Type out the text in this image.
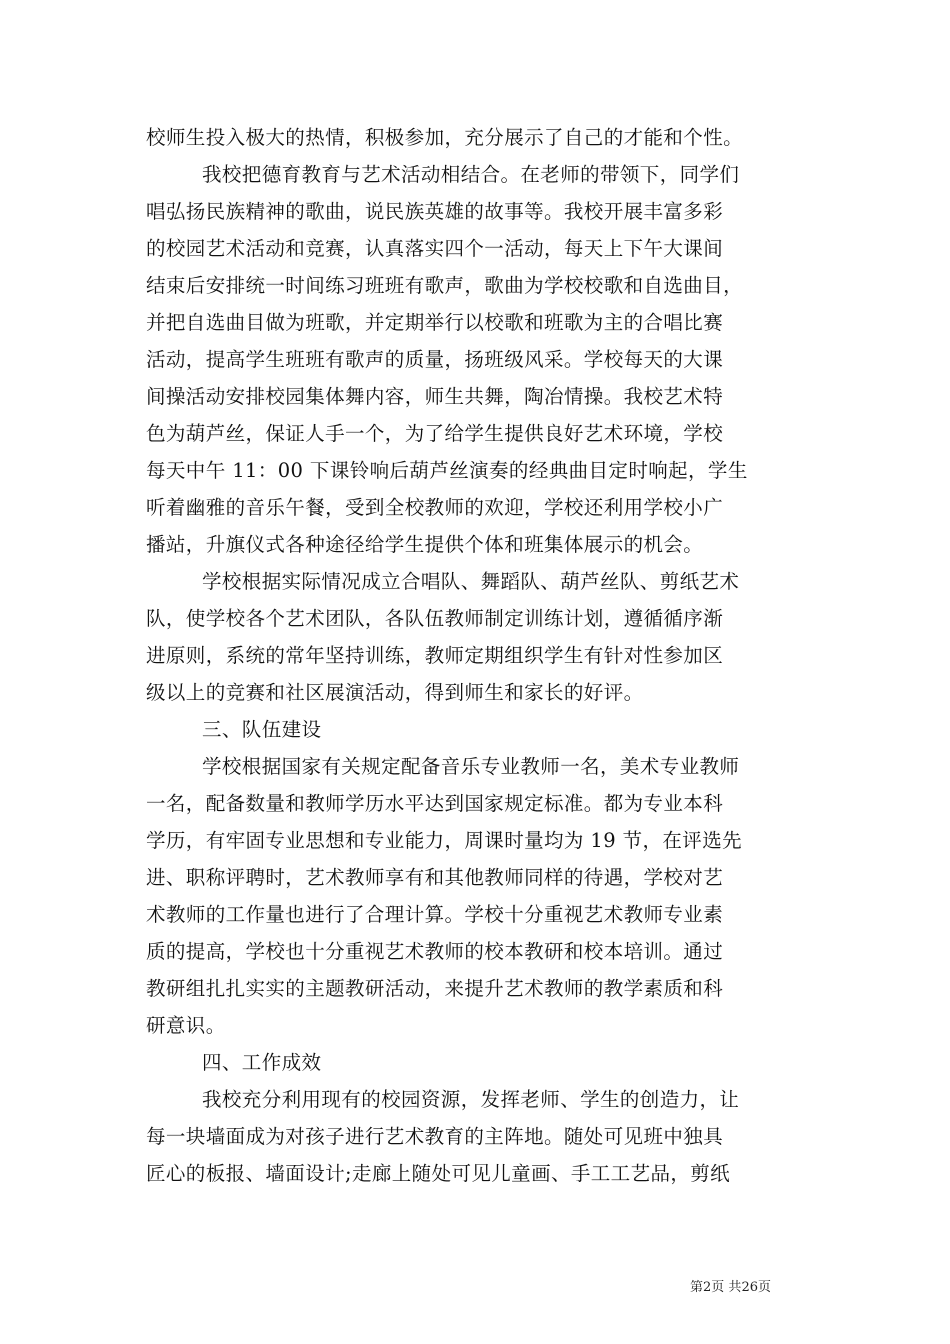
校师生投入极大的热情，积极参加，充分展示了自己的才能和个性。
我校把德育教育与艺术活动相结合。在老师的带领下，同学们
唱弘扬民族精神的歌曲，说民族英雄的故事等。我校开展丰富多彩
的校园艺术活动和竞赛，认真落实四个一活动，每天上下午大课间
结束后安排统一时间练习班班有歌声，歌曲为学校校歌和自选曲目，
并把自选曲目做为班歌，并定期举行以校歌和班歌为主的合唱比赛
活动，提高学生班班有歌声的质量，扬班级风采。学校每天的大课
间操活动安排校园集体舞内容，师生共舞，陶冶情操。我校艺术特
色为葫芦丝，保证人手一个，为了给学生提供良好艺术环境，学校
每天中午 11：00 下课铃响后葫芦丝演奏的经典曲目定时响起，学生
听着幽雅的音乐午餐，受到全校教师的欢迎，学校还利用学校小广
播站，升旗仪式各种途径给学生提供个体和班集体展示的机会。
学校根据实际情况成立合唱队、舞蹈队、葫芦丝队、剪纸艺术
队，使学校各个艺术团队，各队伍教师制定训练计划，遵循循序渐
进原则，系统的常年坚持训练，教师定期组织学生有针对性参加区
级以上的竞赛和社区展演活动，得到师生和家长的好评。
三、队伍建设
学校根据国家有关规定配备音乐专业教师一名，美术专业教师
一名，配备数量和教师学历水平达到国家规定标准。都为专业本科
学历，有牢固专业思想和专业能力，周课时量均为 19 节，在评选先
进、职称评聘时，艺术教师享有和其他教师同样的待遇，学校对艺
术教师的工作量也进行了合理计算。学校十分重视艺术教师专业素
质的提高，学校也十分重视艺术教师的校本教研和校本培训。通过
教研组扎扎实实的主题教研活动，来提升艺术教师的教学素质和科
研意识。
四、工作成效
我校充分利用现有的校园资源，发挥老师、学生的创造力，让
每一块墙面成为对孩子进行艺术教育的主阵地。随处可见班中独具
匠心的板报、墙面设计;走廊上随处可见儿童画、手工工艺品，剪纸
第2页 共26页
